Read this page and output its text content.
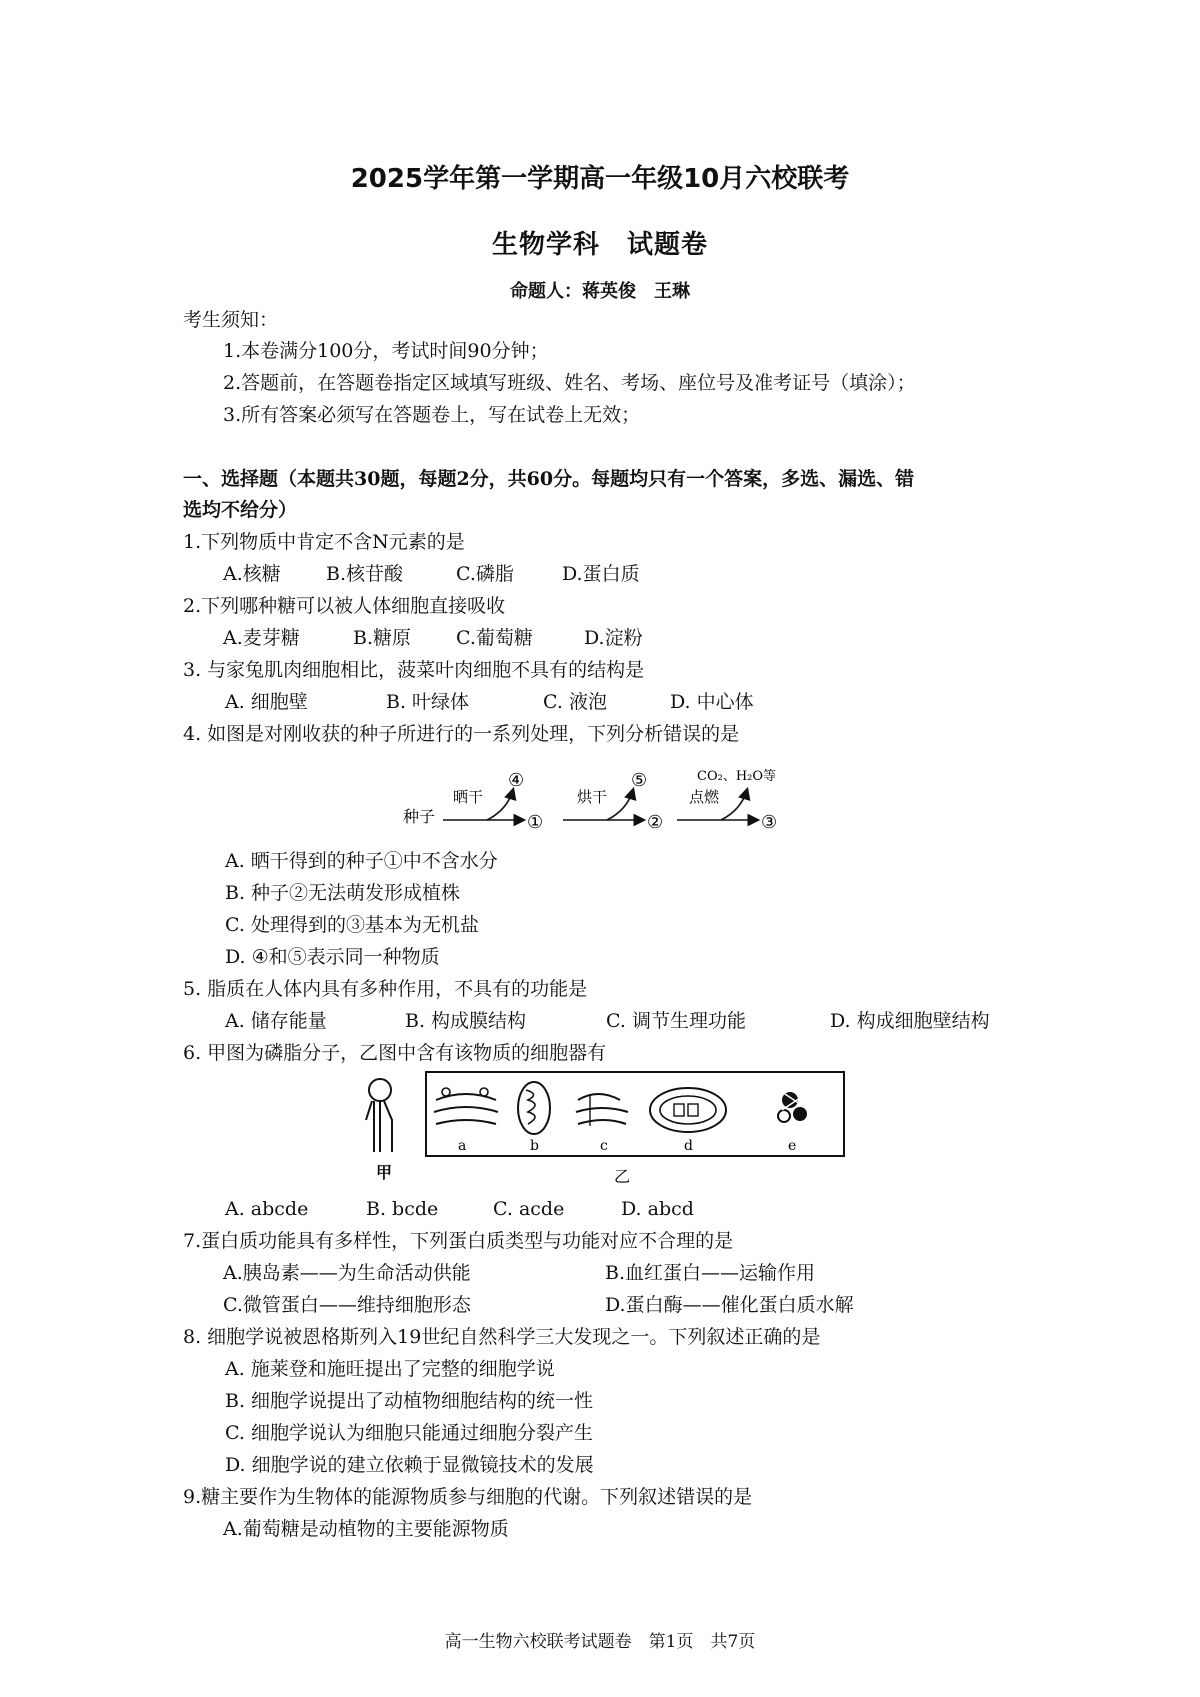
2025学年第一学期高一年级10月六校联考
生物学科　试题卷
命题人：蒋英俊　王琳
考生须知：
1.本卷满分100分，考试时间90分钟；
2.答题前，在答题卷指定区域填写班级、姓名、考场、座位号及准考证号（填涂）；
3.所有答案必须写在答题卷上，写在试卷上无效；
一、选择题（本题共30题，每题2分，共60分。每题均只有一个答案，多选、漏选、错
选均不给分）
1.下列物质中肯定不含N元素的是
A.核糖 B.核苷酸	C.磷脂	D.蛋白质
2.下列哪种糖可以被人体细胞直接吸收
A.麦芽糖	B.糖原 C.葡萄糖	D.淀粉
3. 与家兔肌肉细胞相比，菠菜叶肉细胞不具有的结构是
A. 细胞壁	B. 叶绿体	C. 液泡	D. 中心体
4. 如图是对刚收获的种子所进行的一系列处理，下列分析错误的是
种子
晒干
④
①
烘干
⑤
②
点燃
CO₂、H₂O等
③
A. 晒干得到的种子①中不含水分
B. 种子②无法萌发形成植株
C. 处理得到的③基本为无机盐
D. ④和⑤表示同一种物质
5. 脂质在人体内具有多种作用，不具有的功能是
A. 储存能量	B. 构成膜结构	C. 调节生理功能	D. 构成细胞壁结构
6. 甲图为磷脂分子，乙图中含有该物质的细胞器有
甲
a	b	c	d	e
乙
A. abcde	B. bcde	C. acde	D. abcd
7.蛋白质功能具有多样性，下列蛋白质类型与功能对应不合理的是
A.胰岛素——为生命活动供能	B.血红蛋白——运输作用
C.微管蛋白——维持细胞形态	D.蛋白酶——催化蛋白质水解
8. 细胞学说被恩格斯列入19世纪自然科学三大发现之一。下列叙述正确的是
A. 施莱登和施旺提出了完整的细胞学说
B. 细胞学说提出了动植物细胞结构的统一性
C. 细胞学说认为细胞只能通过细胞分裂产生
D. 细胞学说的建立依赖于显微镜技术的发展
9.糖主要作为生物体的能源物质参与细胞的代谢。下列叙述错误的是
A.葡萄糖是动植物的主要能源物质
高一生物六校联考试题卷　第1页　共7页
